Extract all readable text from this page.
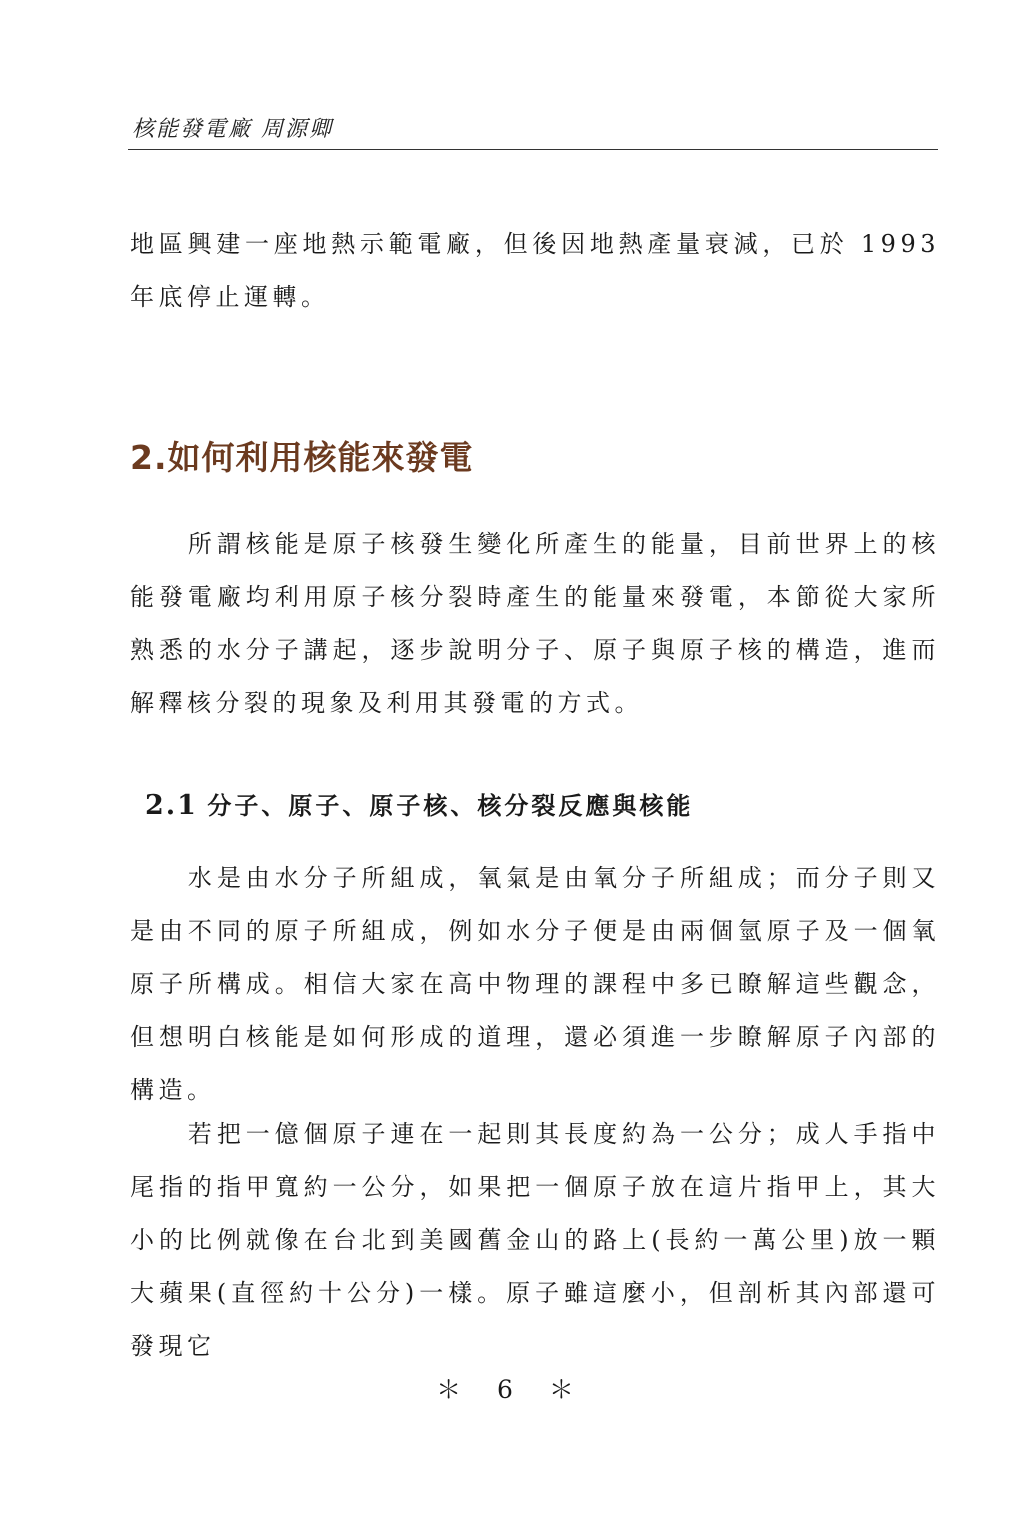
核能發電廠 周源卿

地區興建一座地熱示範電廠，但後因地熱產量衰減，已於 1993 年底停止運轉。

2.如何利用核能來發電

　　所謂核能是原子核發生變化所產生的能量，目前世界上的核能發電廠均利用原子核分裂時產生的能量來發電，本節從大家所熟悉的水分子講起，逐步說明分子、原子與原子核的構造，進而解釋核分裂的現象及利用其發電的方式。

2.1 分子、原子、原子核、核分裂反應與核能

　　水是由水分子所組成，氧氣是由氧分子所組成；而分子則又是由不同的原子所組成，例如水分子便是由兩個氫原子及一個氧原子所構成。相信大家在高中物理的課程中多已瞭解這些觀念，但想明白核能是如何形成的道理，還必須進一步瞭解原子內部的構造。

　　若把一億個原子連在一起則其長度約為一公分；成人手指中尾指的指甲寬約一公分，如果把一個原子放在這片指甲上，其大小的比例就像在台北到美國舊金山的路上(長約一萬公里)放一顆大蘋果(直徑約十公分)一樣。原子雖這麼小，但剖析其內部還可發現它

＊ 6 ＊
